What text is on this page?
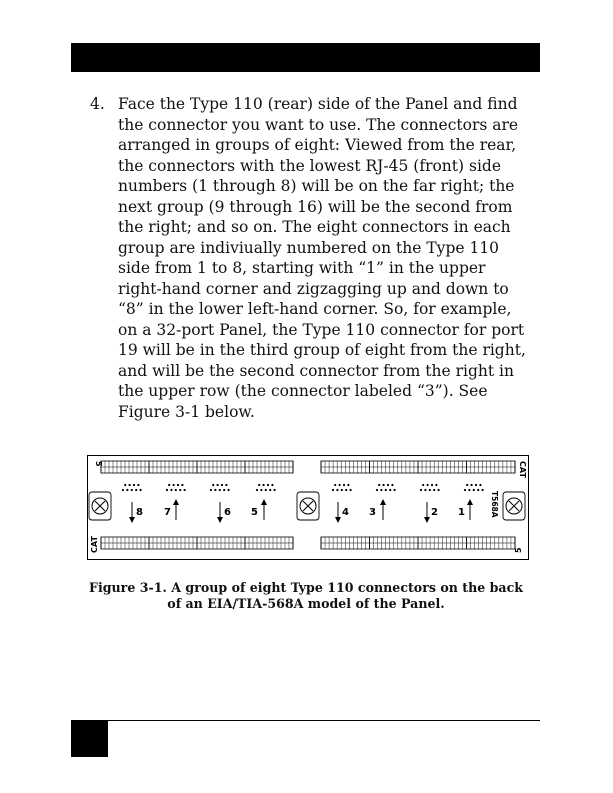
4. Face the Type 110 (rear) side of the Panel and find
the connector you want to use. The connectors are
arranged in groups of eight: Viewed from the rear,
the connectors with the lowest RJ-45 (front) side
numbers (1 through 8) will be on the far right; the
next group (9 through 16) will be the second from
the right; and so on. The eight connectors in each
group are indiviually numbered on the Type 110
side from 1 to 8, starting with “1” in the upper
right-hand corner and zigzagging up and down to
“8” in the lower left-hand corner. So, for example,
on a 32-port Panel, the Type 110 connector for port
19 will be in the third group of eight from the right,
and will be the second connector from the right in
the upper row (the connector labeled “3”). See
Figure 3-1 below.
5	CAT
CAT	5
T568A
8 7	6 5	4 3	2 1
Figure 3-1. A group of eight Type 110 connectors on the back
of an EIA/TIA-568A model of the Panel.
